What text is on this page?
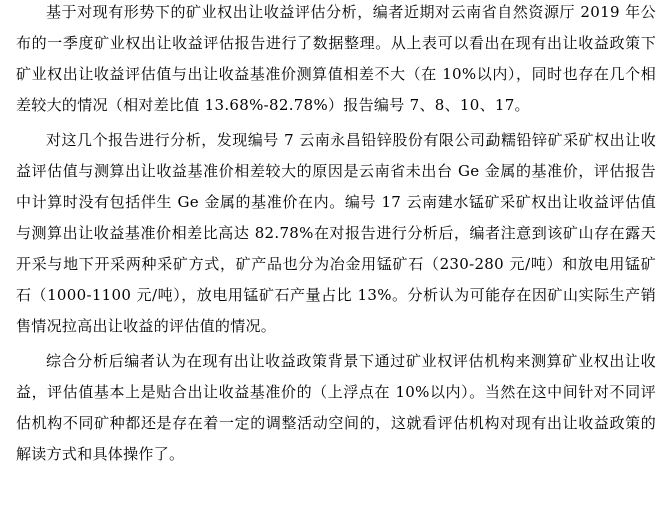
基于对现有形势下的矿业权出让收益评估分析，编者近期对云南省自然资源厅 2019 年公布的一季度矿业权出让收益评估报告进行了数据整理。从上表可以看出在现有出让收益政策下矿业权出让收益评估值与出让收益基准价测算值相差不大（在 10%以内），同时也存在几个相差较大的情况（相对差比值 13.68%-82.78%）报告编号 7、8、10、17。

对这几个报告进行分析，发现编号 7 云南永昌铅锌股份有限公司勐糯铅锌矿采矿权出让收益评估值与测算出让收益基准价相差较大的原因是云南省未出台 Ge 金属的基准价，评估报告中计算时没有包括伴生 Ge 金属的基准价在内。编号 17 云南建水锰矿采矿权出让收益评估值与测算出让收益基准价相差比高达 82.78%在对报告进行分析后，编者注意到该矿山存在露天开采与地下开采两种采矿方式，矿产品也分为冶金用锰矿石（230-280 元/吨）和放电用锰矿石（1000-1100 元/吨），放电用锰矿石产量占比 13%。分析认为可能存在因矿山实际生产销售情况拉高出让收益的评估值的情况。

综合分析后编者认为在现有出让收益政策背景下通过矿业权评估机构来测算矿业权出让收益，评估值基本上是贴合出让收益基准价的（上浮点在 10%以内）。当然在这中间针对不同评估机构不同矿种都还是存在着一定的调整活动空间的，这就看评估机构对现有出让收益政策的解读方式和具体操作了。
